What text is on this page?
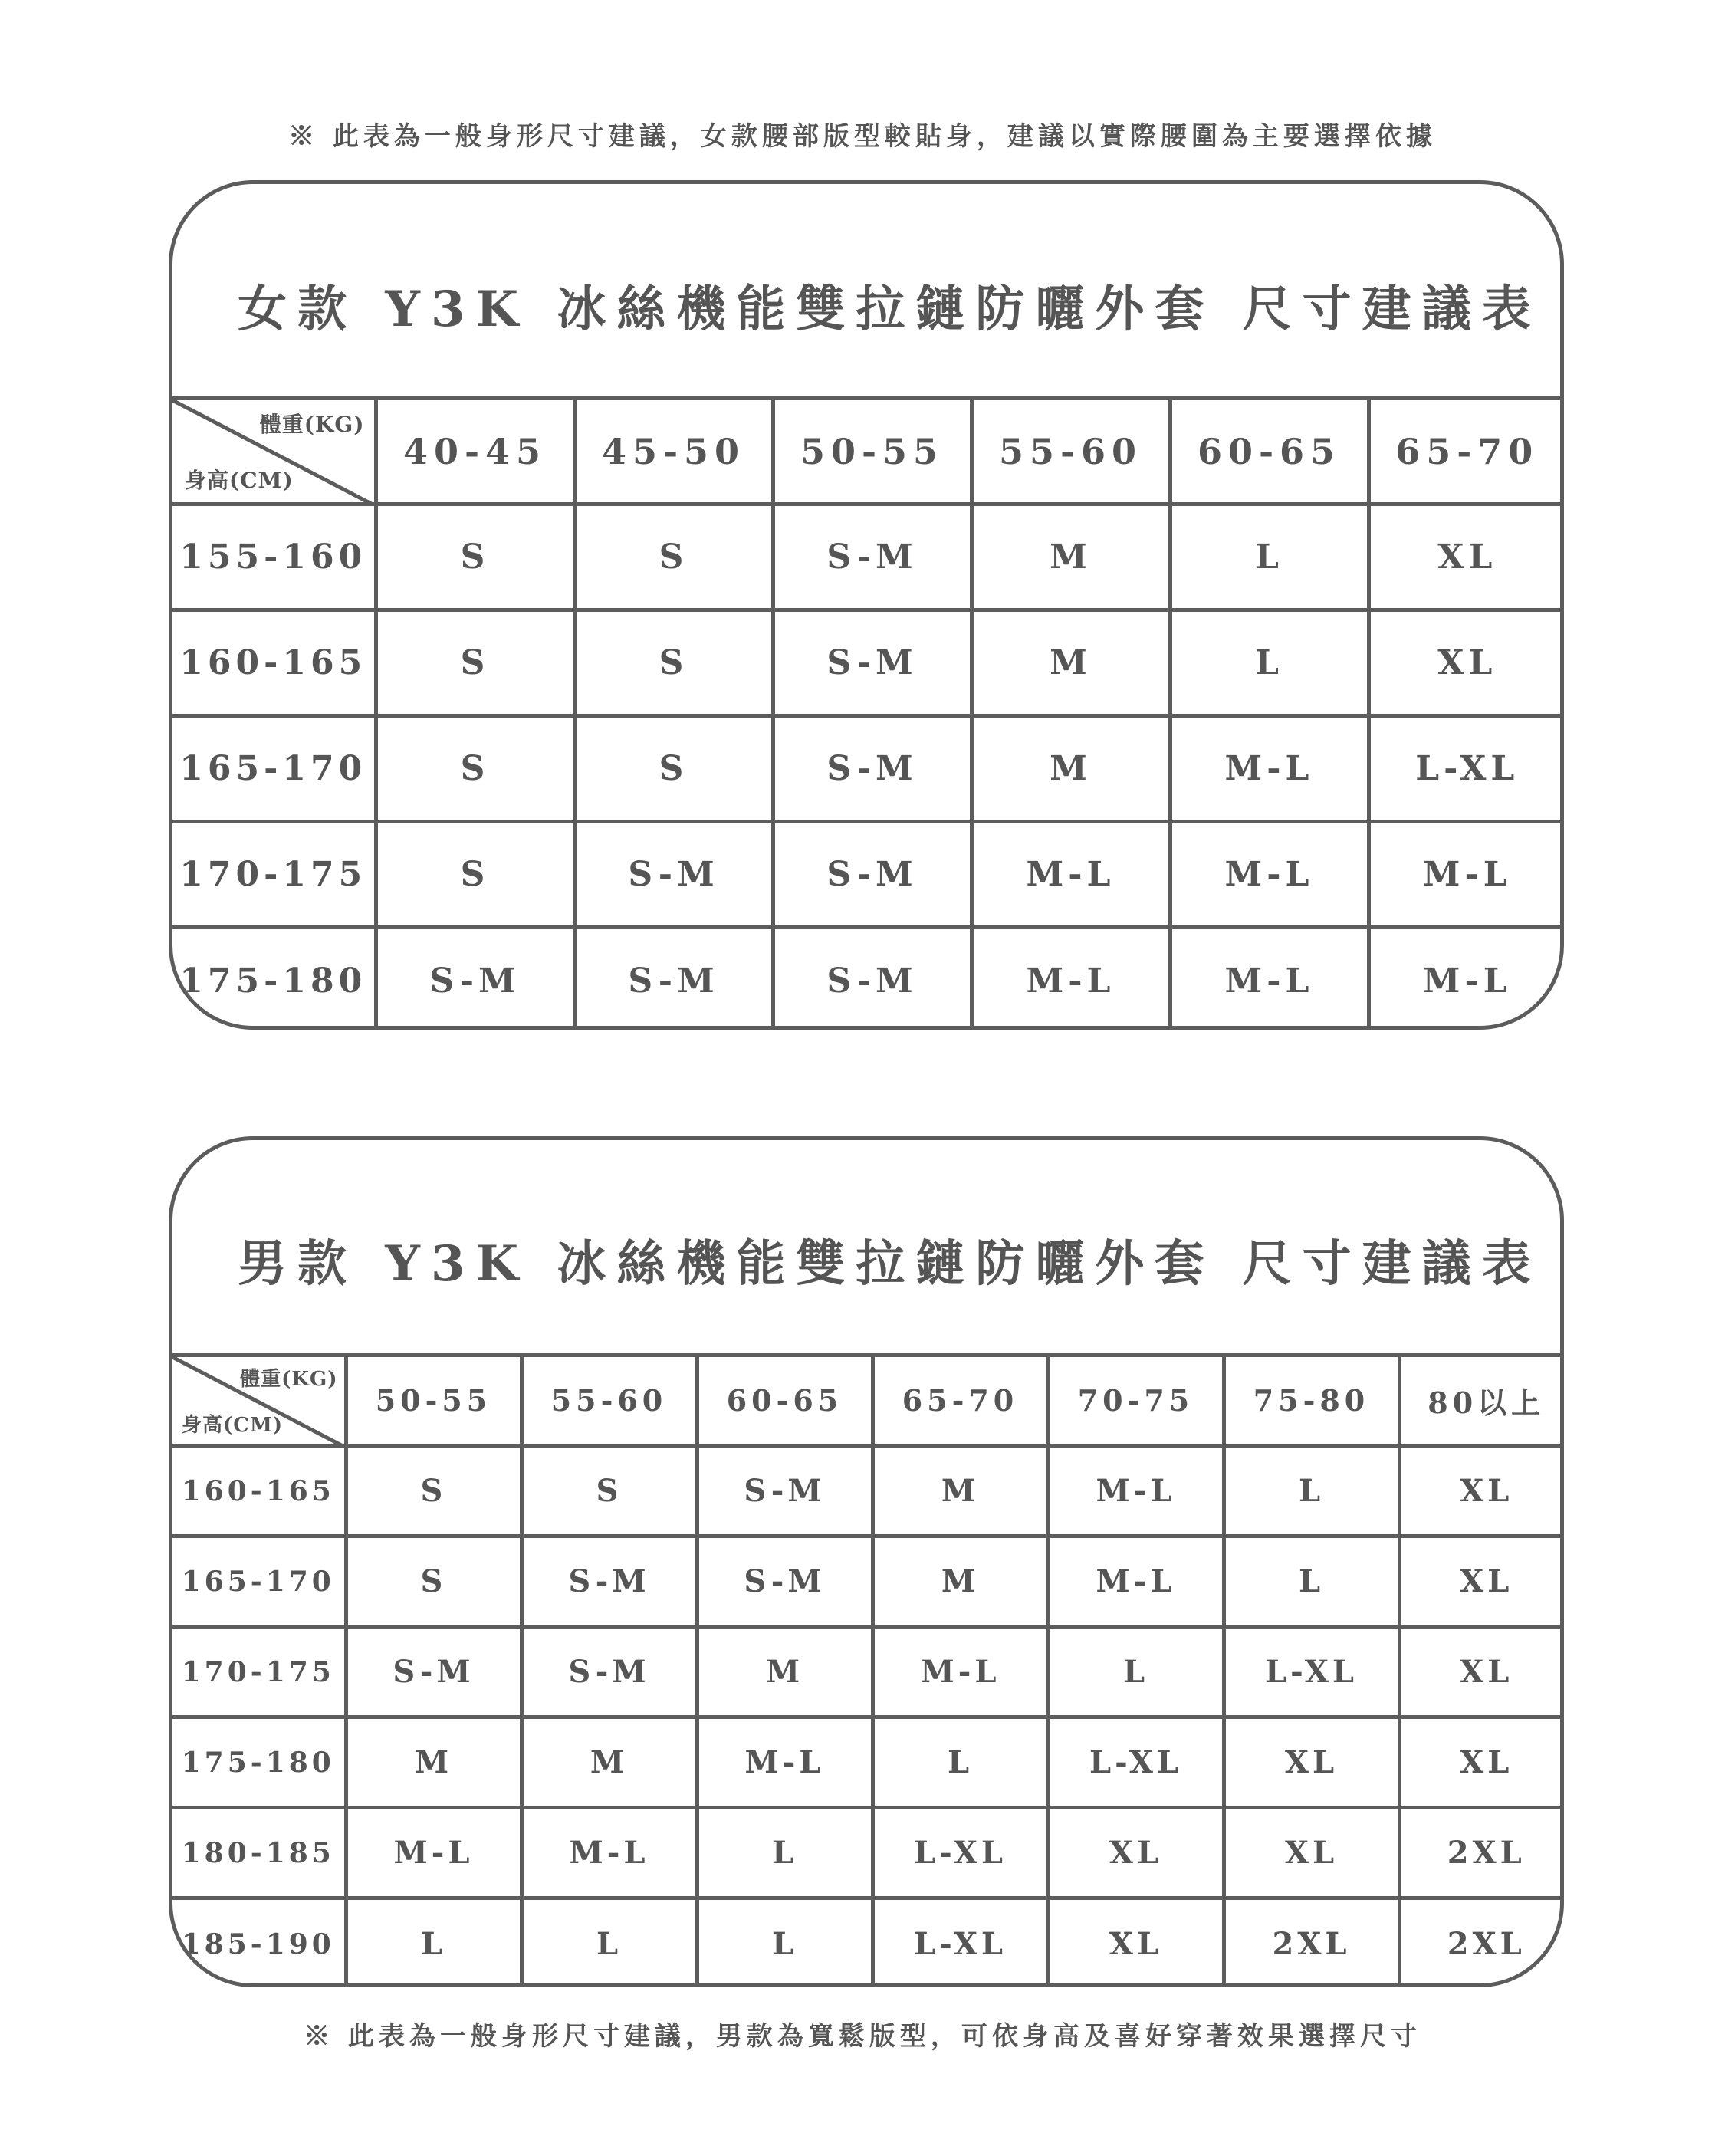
※ 此表為一般身形尺寸建議，女款腰部版型較貼身，建議以實際腰圍為主要選擇依據
女款 Y3K 冰絲機能雙拉鏈防曬外套 尺寸建議表
體重(KG)
身高(CM)	40-45	45-50	50-55	55-60	60-65	65-70
155-160	S	S	S-M	M	L	XL
160-165	S	S	S-M	M	L	XL
165-170	S	S	S-M	M	M-L	L-XL
170-175	S	S-M	S-M	M-L	M-L	M-L
175-180	S-M	S-M	S-M	M-L	M-L	M-L
男款 Y3K 冰絲機能雙拉鏈防曬外套 尺寸建議表
體重(KG)
身高(CM)	50-55	55-60	60-65	65-70	70-75	75-80	80以上
160-165	S	S	S-M	M	M-L	L	XL
165-170	S	S-M	S-M	M	M-L	L	XL
170-175	S-M	S-M	M	M-L	L	L-XL	XL
175-180	M	M	M-L	L	L-XL	XL	XL
180-185	M-L	M-L	L	L-XL	XL	XL	2XL
185-190	L	L	L	L-XL	XL	2XL	2XL
※ 此表為一般身形尺寸建議，男款為寬鬆版型，可依身高及喜好穿著效果選擇尺寸
